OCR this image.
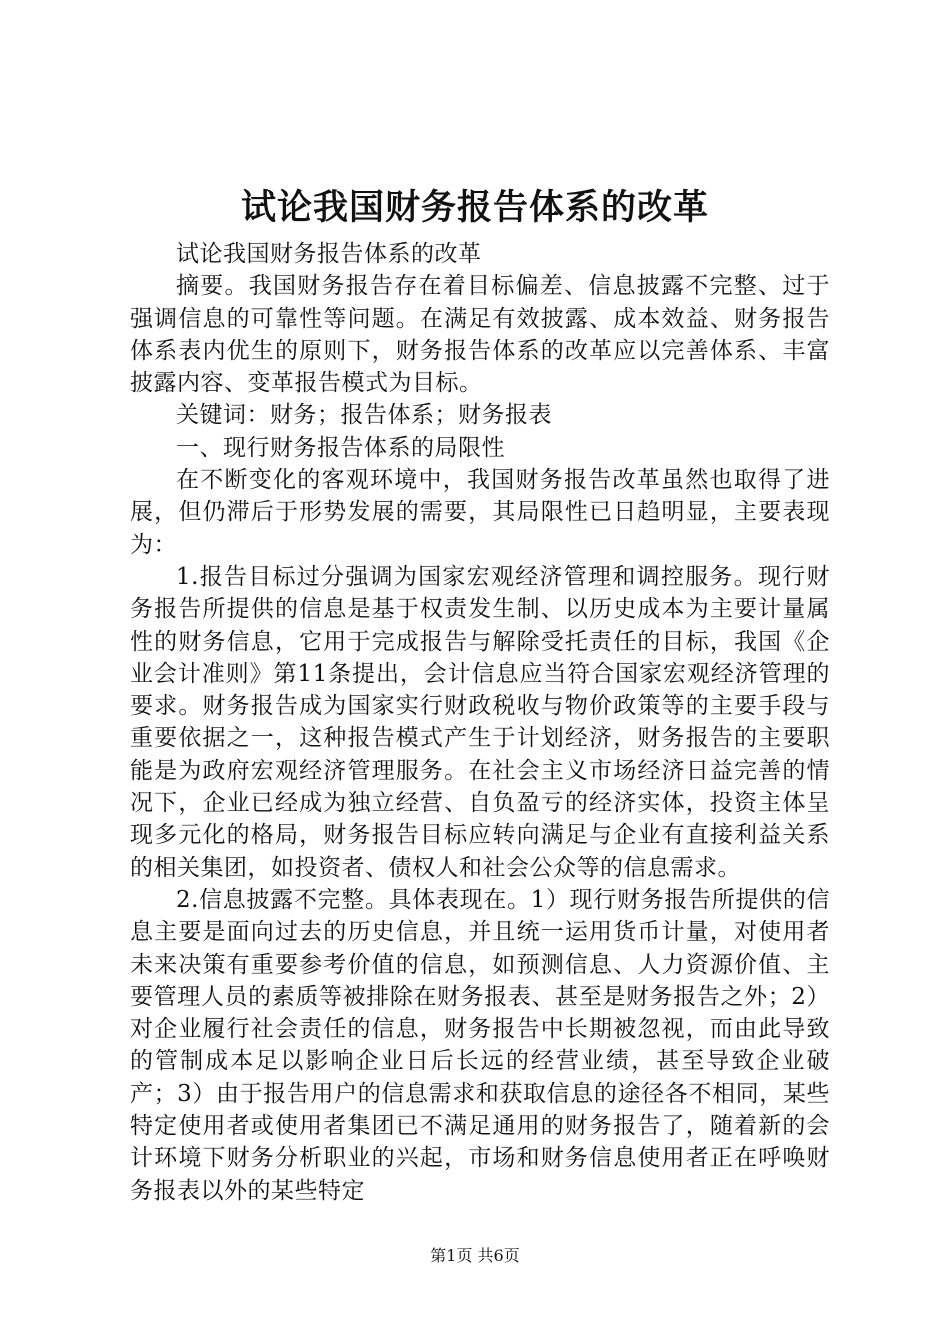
试论我国财务报告体系的改革

试论我国财务报告体系的改革

摘要。我国财务报告存在着目标偏差、信息披露不完整、过于强调信息的可靠性等问题。在满足有效披露、成本效益、财务报告体系表内优生的原则下，财务报告体系的改革应以完善体系、丰富披露内容、变革报告模式为目标。

关键词：财务；报告体系；财务报表

一、现行财务报告体系的局限性

在不断变化的客观环境中，我国财务报告改革虽然也取得了进展，但仍滞后于形势发展的需要，其局限性已日趋明显，主要表现为：

1.报告目标过分强调为国家宏观经济管理和调控服务。现行财务报告所提供的信息是基于权责发生制、以历史成本为主要计量属性的财务信息，它用于完成报告与解除受托责任的目标，我国《企业会计准则》第11条提出，会计信息应当符合国家宏观经济管理的要求。财务报告成为国家实行财政税收与物价政策等的主要手段与重要依据之一，这种报告模式产生于计划经济，财务报告的主要职能是为政府宏观经济管理服务。在社会主义市场经济日益完善的情况下，企业已经成为独立经营、自负盈亏的经济实体，投资主体呈现多元化的格局，财务报告目标应转向满足与企业有直接利益关系的相关集团，如投资者、债权人和社会公众等的信息需求。

2.信息披露不完整。具体表现在。1）现行财务报告所提供的信息主要是面向过去的历史信息，并且统一运用货币计量，对使用者未来决策有重要参考价值的信息，如预测信息、人力资源价值、主要管理人员的素质等被排除在财务报表、甚至是财务报告之外；2）对企业履行社会责任的信息，财务报告中长期被忽视，而由此导致的管制成本足以影响企业日后长远的经营业绩，甚至导致企业破产；3）由于报告用户的信息需求和获取信息的途径各不相同，某些特定使用者或使用者集团已不满足通用的财务报告了，随着新的会计环境下财务分析职业的兴起，市场和财务信息使用者正在呼唤财务报表以外的某些特定

第1页 共6页
